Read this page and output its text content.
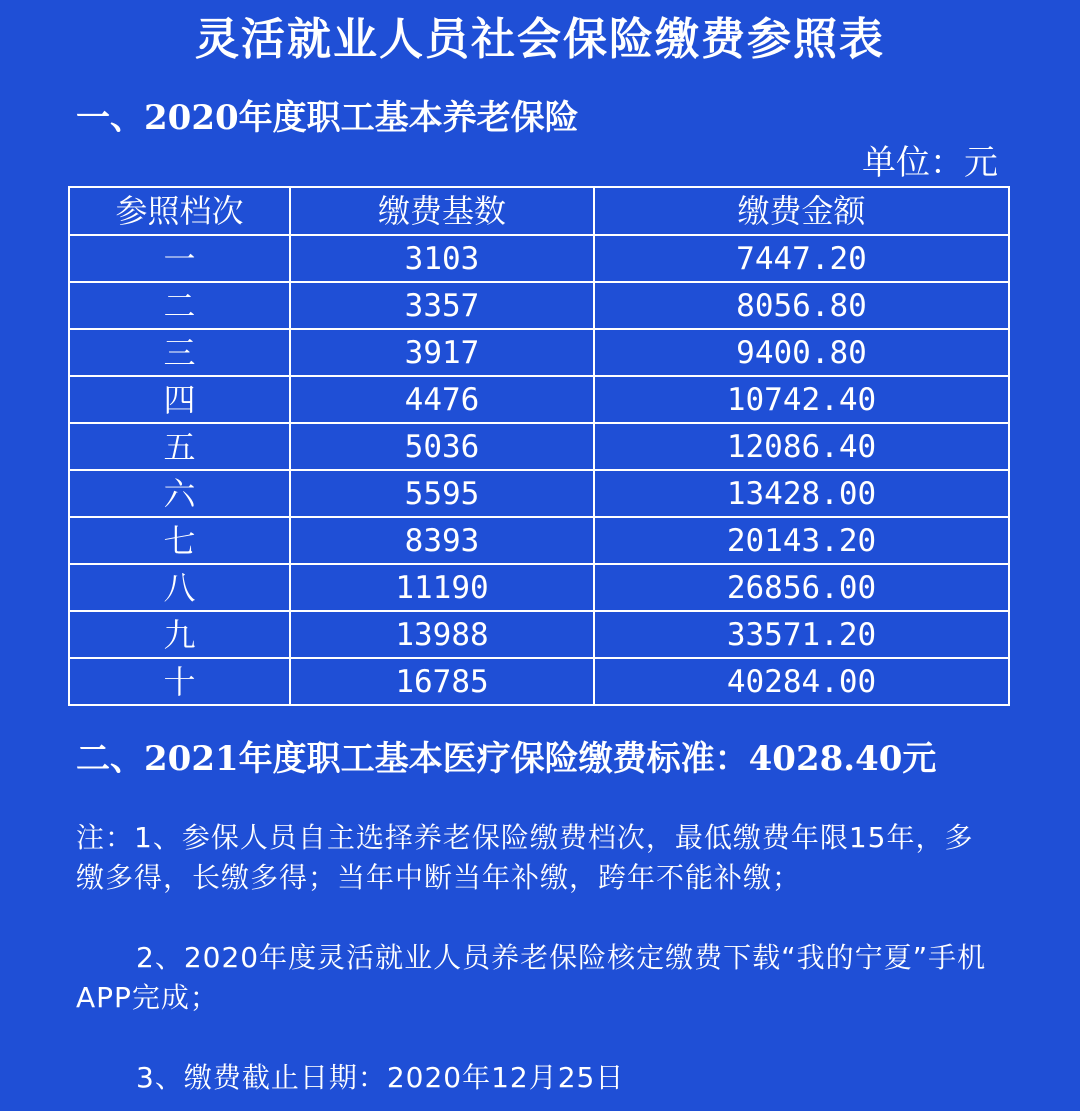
灵活就业人员社会保险缴费参照表
一、2020年度职工基本养老保险
单位：元
参照档次	缴费基数	缴费金额
一	3103	7447.20
二	3357	8056.80
三	3917	9400.80
四	4476	10742.40
五	5036	12086.40
六	5595	13428.00
七	8393	20143.20
八	11190	26856.00
九	13988	33571.20
十	16785	40284.00
二、2021年度职工基本医疗保险缴费标准：4028.40元
注：1、参保人员自主选择养老保险缴费档次，最低缴费年限15年，多缴多得，长缴多得；当年中断当年补缴，跨年不能补缴；
2、2020年度灵活就业人员养老保险核定缴费下载“我的宁夏”手机APP完成；
3、缴费截止日期：2020年12月25日
